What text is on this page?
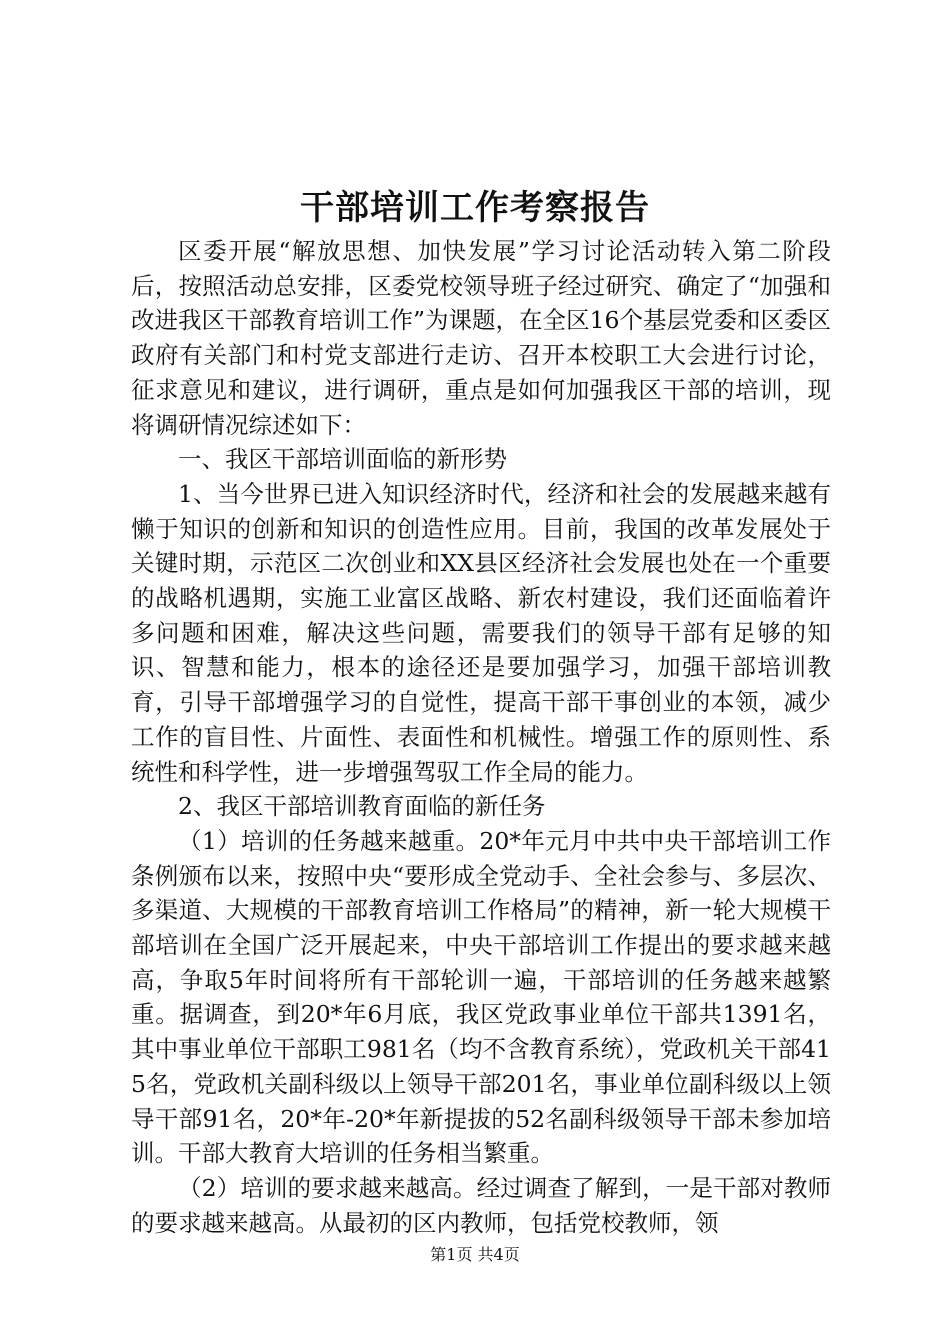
干部培训工作考察报告

区委开展“解放思想、加快发展”学习讨论活动转入第二阶段后，按照活动总安排，区委党校领导班子经过研究、确定了“加强和改进我区干部教育培训工作”为课题，在全区16个基层党委和区委区政府有关部门和村党支部进行走访、召开本校职工大会进行讨论，征求意见和建议，进行调研，重点是如何加强我区干部的培训，现将调研情况综述如下：

一、我区干部培训面临的新形势

1、当今世界已进入知识经济时代，经济和社会的发展越来越有懒于知识的创新和知识的创造性应用。目前，我国的改革发展处于关键时期，示范区二次创业和XX县区经济社会发展也处在一个重要的战略机遇期，实施工业富区战略、新农村建设，我们还面临着许多问题和困难，解决这些问题，需要我们的领导干部有足够的知识、智慧和能力，根本的途径还是要加强学习，加强干部培训教育，引导干部增强学习的自觉性，提高干部干事创业的本领，减少工作的盲目性、片面性、表面性和机械性。增强工作的原则性、系统性和科学性，进一步增强驾驭工作全局的能力。

2、我区干部培训教育面临的新任务

（1）培训的任务越来越重。20*年元月中共中央干部培训工作条例颁布以来，按照中央“要形成全党动手、全社会参与、多层次、多渠道、大规模的干部教育培训工作格局”的精神，新一轮大规模干部培训在全国广泛开展起来，中央干部培训工作提出的要求越来越高，争取5年时间将所有干部轮训一遍，干部培训的任务越来越繁重。据调查，到20*年6月底，我区党政事业单位干部共1391名，其中事业单位干部职工981名（均不含教育系统），党政机关干部415名，党政机关副科级以上领导干部201名，事业单位副科级以上领导干部91名，20*年-20*年新提拔的52名副科级领导干部未参加培训。干部大教育大培训的任务相当繁重。

（2）培训的要求越来越高。经过调查了解到，一是干部对教师的要求越来越高。从最初的区内教师，包括党校教师，领

第1页 共4页
